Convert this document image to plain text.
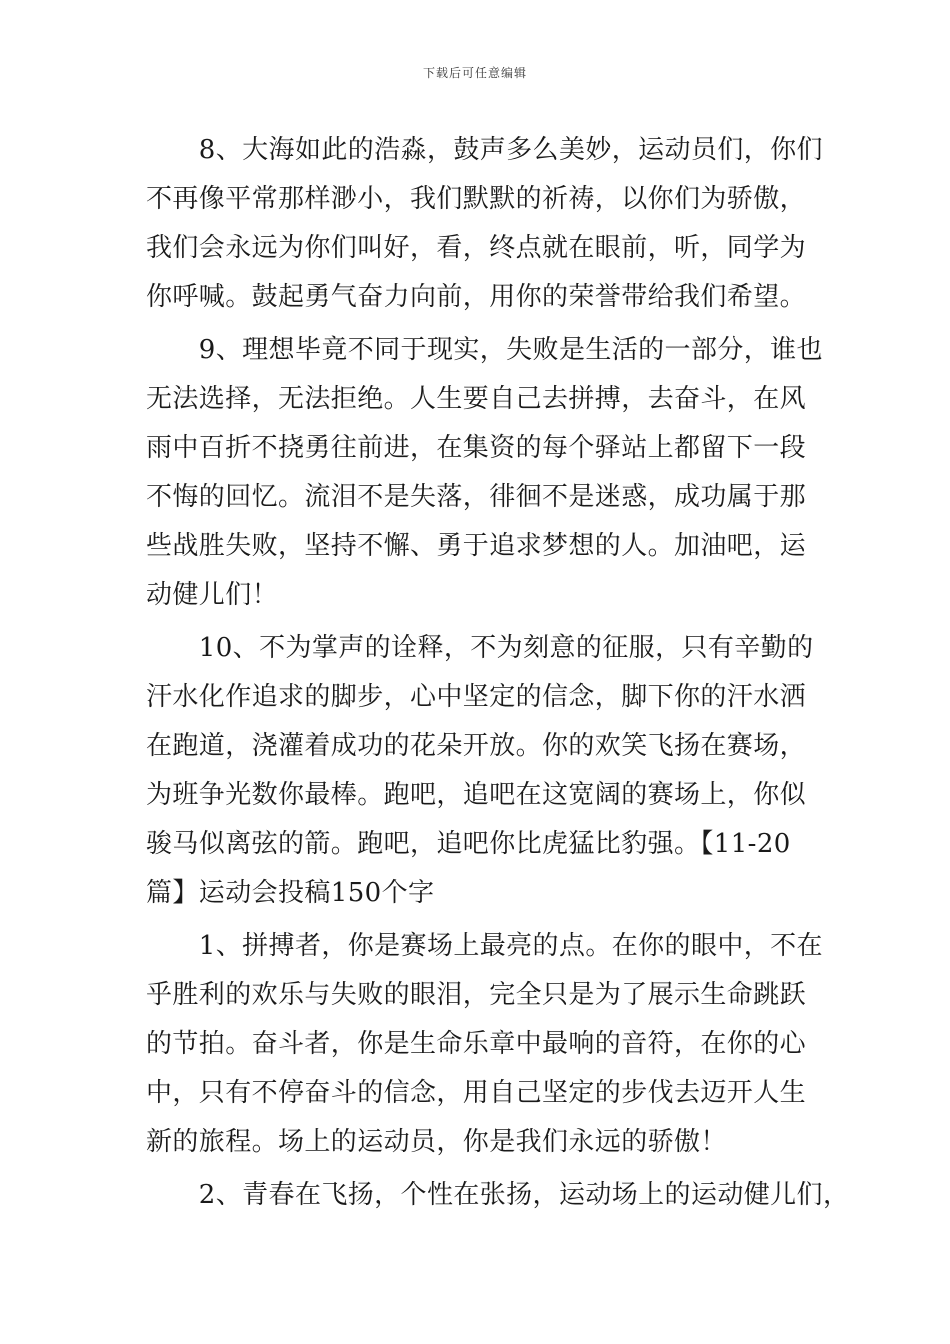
下载后可任意编辑
　　8、大海如此的浩淼，鼓声多么美妙，运动员们，你们
不再像平常那样渺小，我们默默的祈祷，以你们为骄傲，
我们会永远为你们叫好，看，终点就在眼前，听，同学为
你呼喊。鼓起勇气奋力向前，用你的荣誉带给我们希望。
　　9、理想毕竟不同于现实，失败是生活的一部分，谁也
无法选择，无法拒绝。人生要自己去拼搏，去奋斗，在风
雨中百折不挠勇往前进，在集资的每个驿站上都留下一段
不悔的回忆。流泪不是失落，徘徊不是迷惑，成功属于那
些战胜失败，坚持不懈、勇于追求梦想的人。加油吧，运
动健儿们！
　　10、不为掌声的诠释，不为刻意的征服，只有辛勤的
汗水化作追求的脚步，心中坚定的信念，脚下你的汗水洒
在跑道，浇灌着成功的花朵开放。你的欢笑飞扬在赛场，
为班争光数你最棒。跑吧，追吧在这宽阔的赛场上，你似
骏马似离弦的箭。跑吧，追吧你比虎猛比豹强。【11-20
篇】运动会投稿150个字
　　1、拼搏者，你是赛场上最亮的点。在你的眼中，不在
乎胜利的欢乐与失败的眼泪，完全只是为了展示生命跳跃
的节拍。奋斗者，你是生命乐章中最响的音符，在你的心
中，只有不停奋斗的信念，用自己坚定的步伐去迈开人生
新的旅程。场上的运动员，你是我们永远的骄傲！
　　2、青春在飞扬，个性在张扬，运动场上的运动健儿们，
